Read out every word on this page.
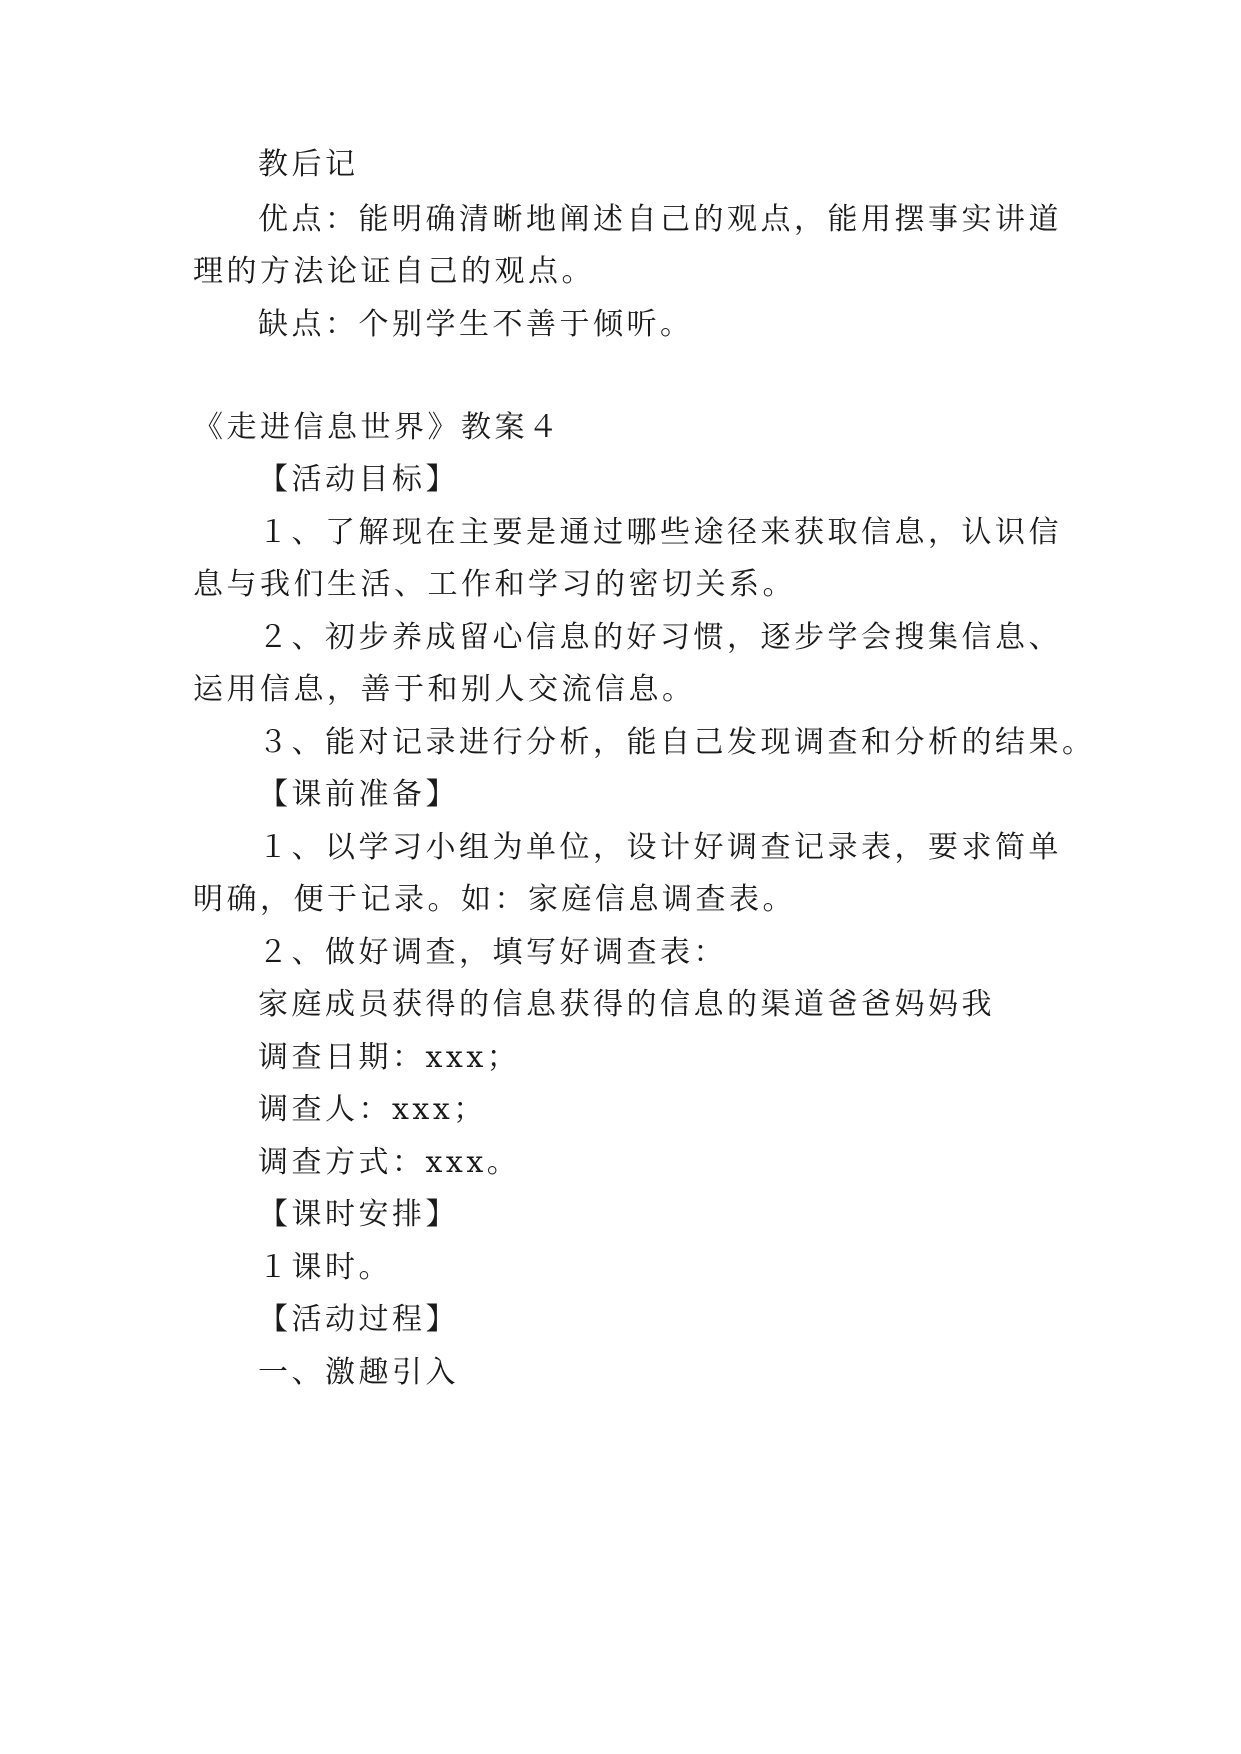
教后记
优点：能明确清晰地阐述自己的观点，能用摆事实讲道
理的方法论证自己的观点。
缺点：个别学生不善于倾听。
《走进信息世界》教案４
【活动目标】
１、了解现在主要是通过哪些途径来获取信息，认识信
息与我们生活、工作和学习的密切关系。
２、初步养成留心信息的好习惯，逐步学会搜集信息、
运用信息，善于和别人交流信息。
３、能对记录进行分析，能自己发现调查和分析的结果。
【课前准备】
１、以学习小组为单位，设计好调查记录表，要求简单
明确，便于记录。如：家庭信息调查表。
２、做好调查，填写好调查表：
家庭成员获得的信息获得的信息的渠道爸爸妈妈我
调查日期：xxx；
调查人：xxx；
调查方式：xxx。
【课时安排】
１课时。
【活动过程】
一、激趣引入
